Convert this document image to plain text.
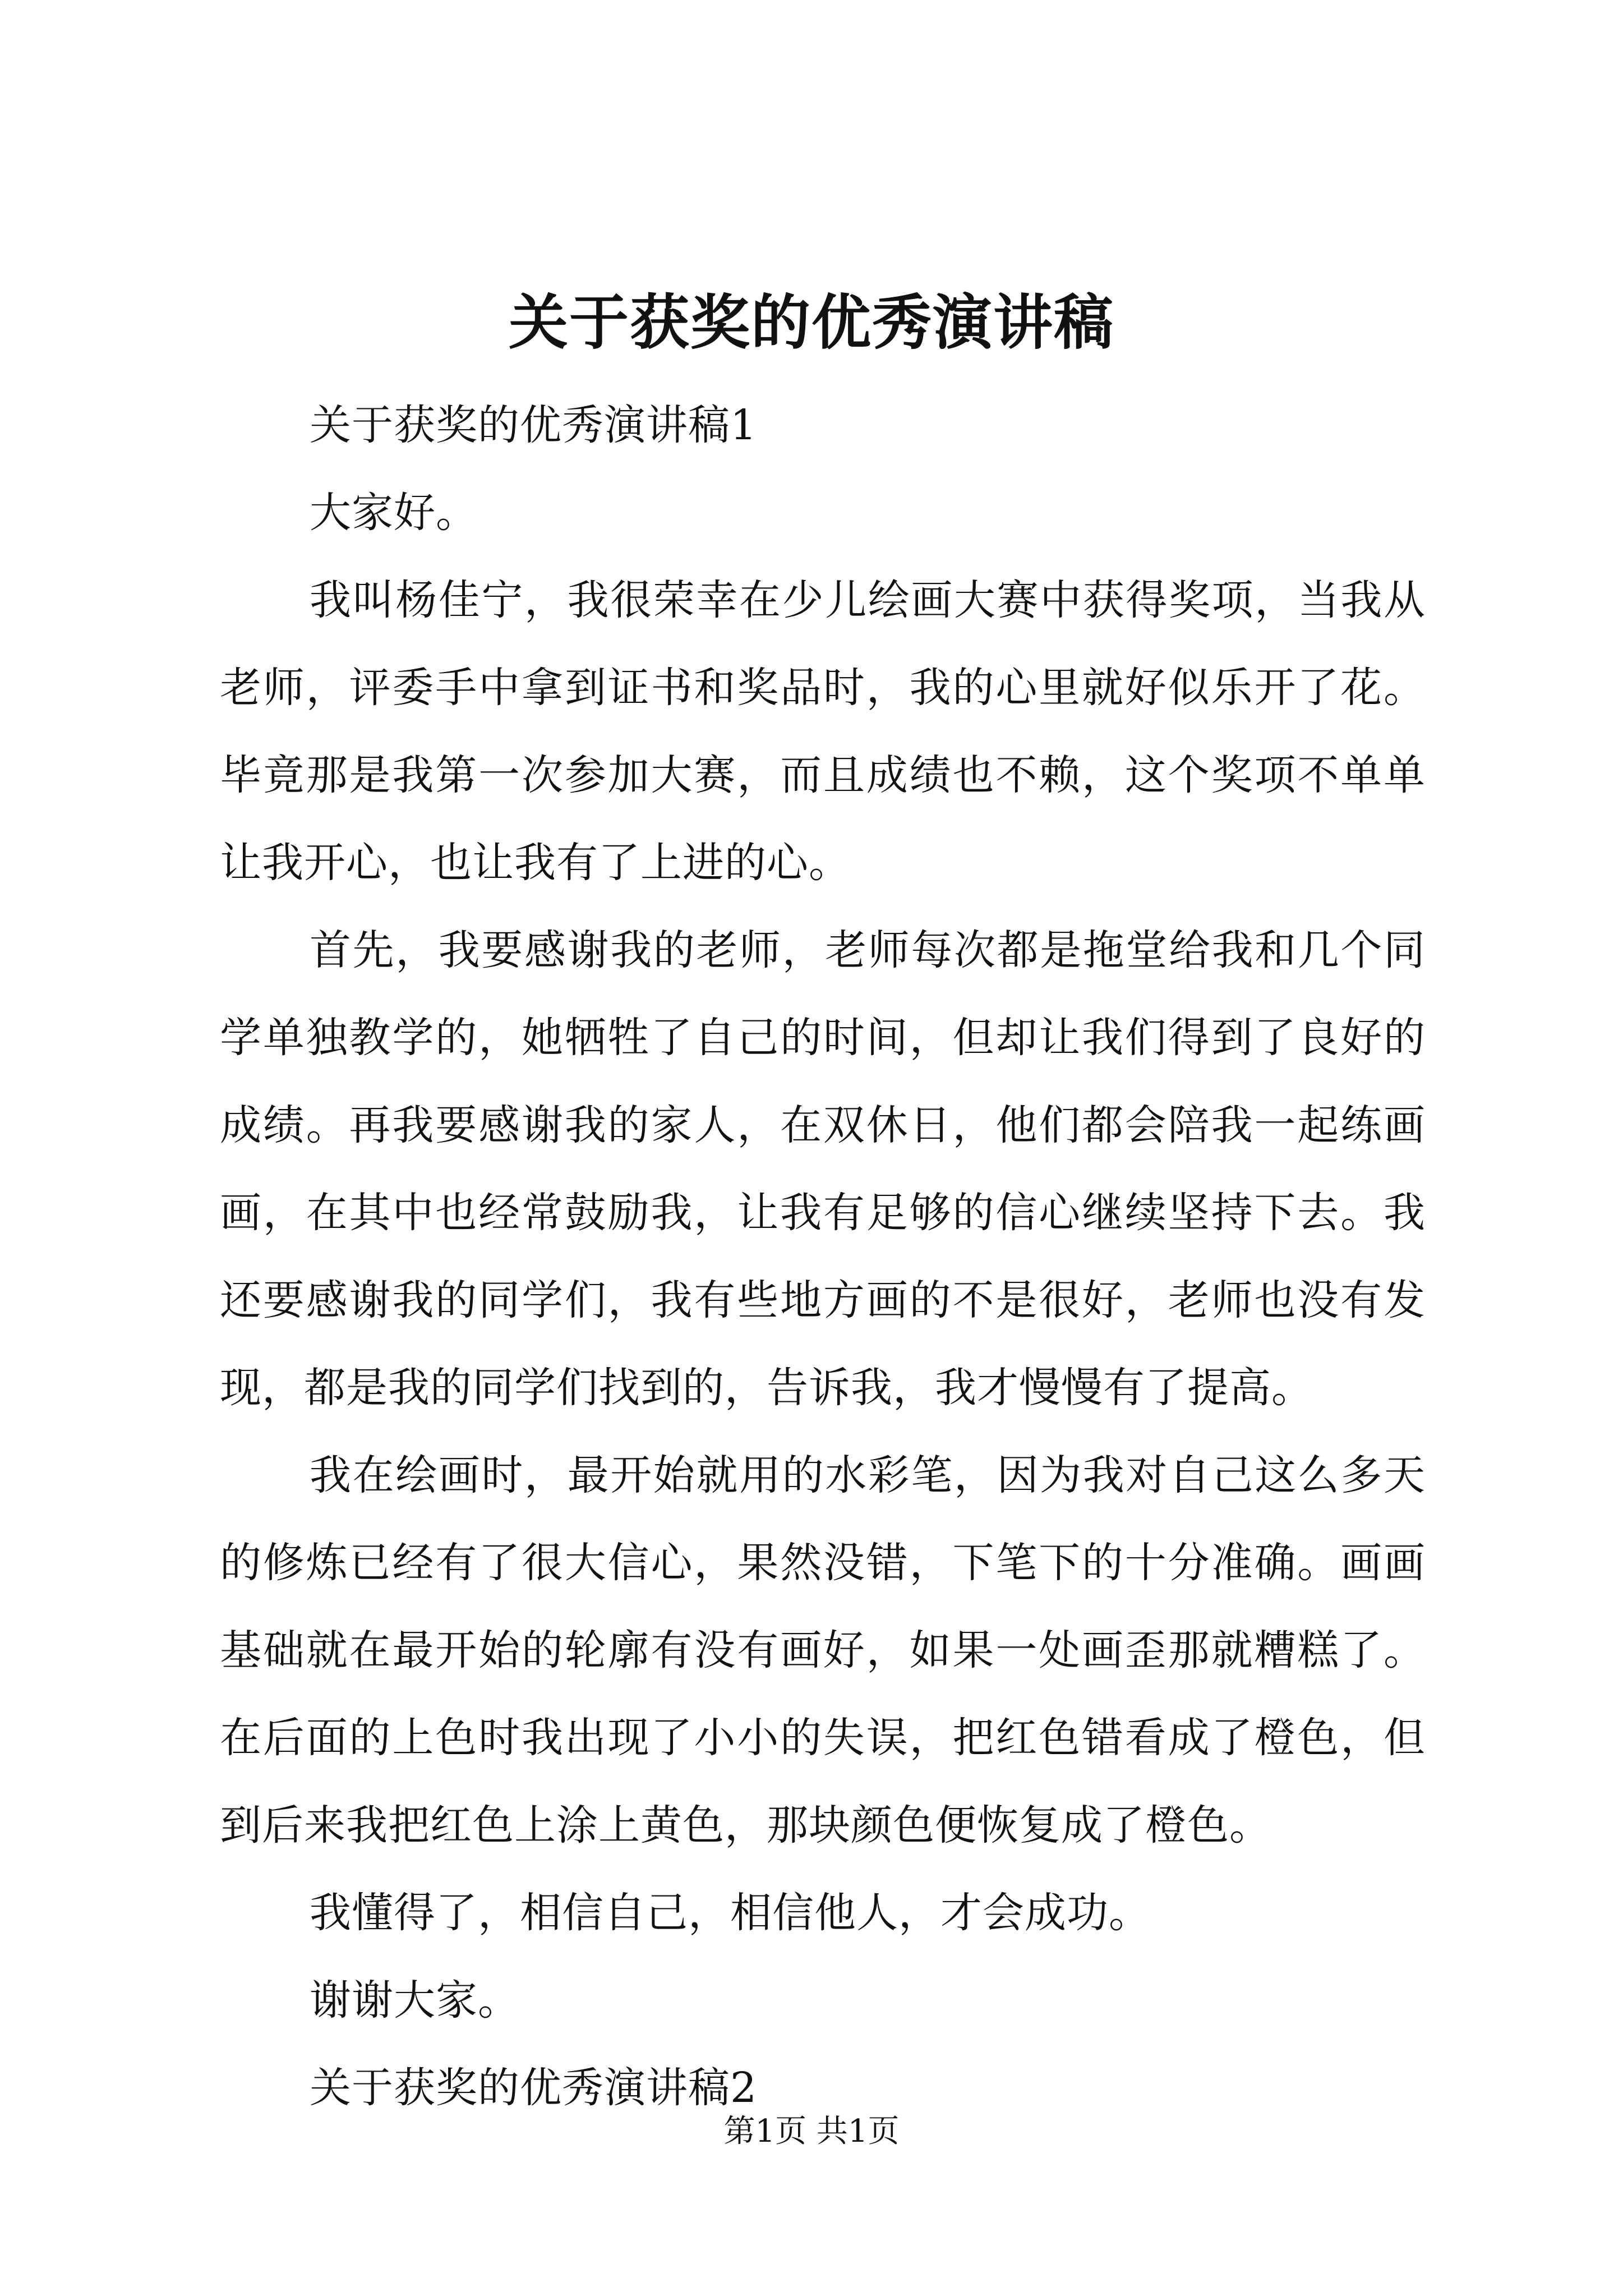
关于获奖的优秀演讲稿

关于获奖的优秀演讲稿1

大家好。

我叫杨佳宁，我很荣幸在少儿绘画大赛中获得奖项，当我从老师，评委手中拿到证书和奖品时，我的心里就好似乐开了花。毕竟那是我第一次参加大赛，而且成绩也不赖，这个奖项不单单让我开心，也让我有了上进的心。

首先，我要感谢我的老师，老师每次都是拖堂给我和几个同学单独教学的，她牺牲了自己的时间，但却让我们得到了良好的成绩。再我要感谢我的家人，在双休日，他们都会陪我一起练画画，在其中也经常鼓励我，让我有足够的信心继续坚持下去。我还要感谢我的同学们，我有些地方画的不是很好，老师也没有发现，都是我的同学们找到的，告诉我，我才慢慢有了提高。

我在绘画时，最开始就用的水彩笔，因为我对自己这么多天的修炼已经有了很大信心，果然没错，下笔下的十分准确。画画基础就在最开始的轮廓有没有画好，如果一处画歪那就糟糕了。在后面的上色时我出现了小小的失误，把红色错看成了橙色，但到后来我把红色上涂上黄色，那块颜色便恢复成了橙色。

我懂得了，相信自己，相信他人，才会成功。

谢谢大家。

关于获奖的优秀演讲稿2

第1页 共1页
